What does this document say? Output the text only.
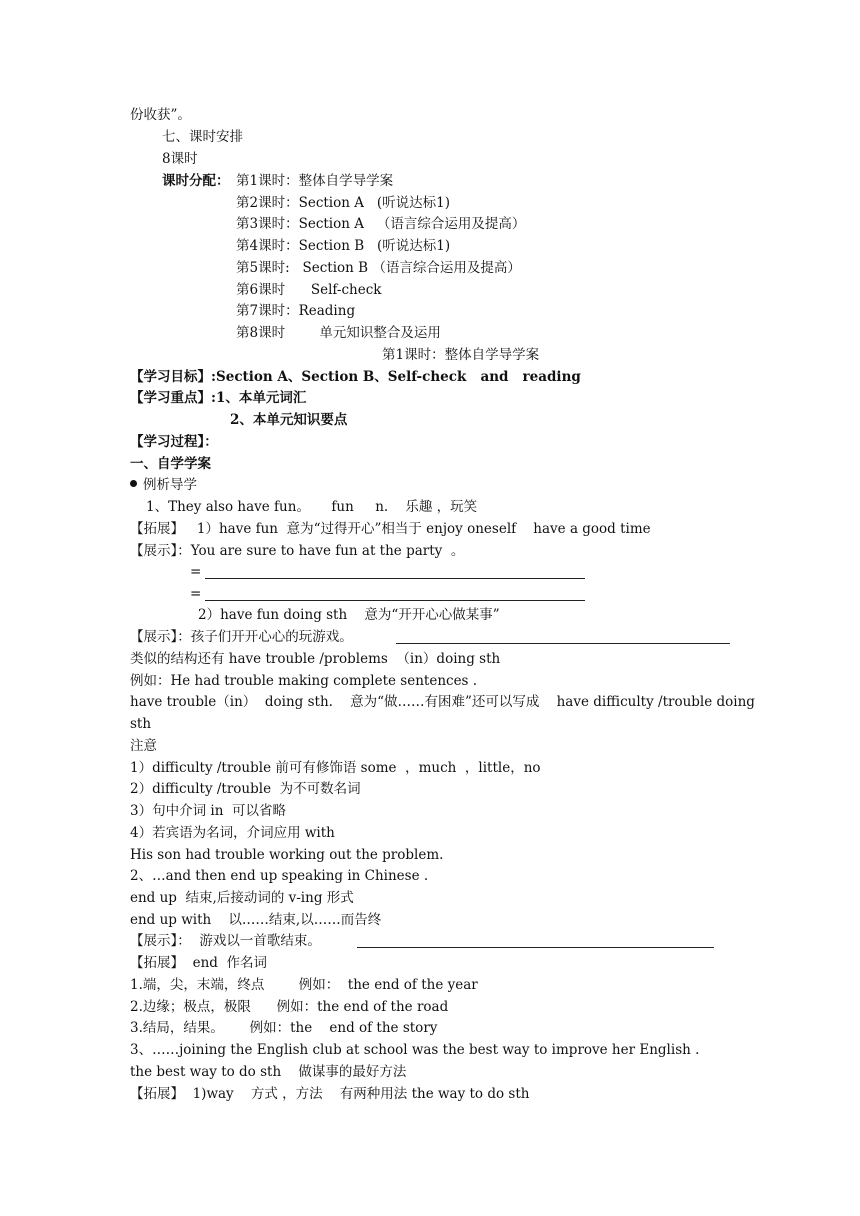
份收获”。
七、课时安排
8课时
课时分配： 第1课时：整体自学导学案
第2课时：Section A   (听说达标1)
第3课时：Section A   （语言综合运用及提高）
第4课时：Section B   (听说达标1)
第5课时:   Section B （语言综合运用及提高）
第6课时      Self-check
第7课时：Reading
第8课时        单元知识整合及运用
第1课时：整体自学导学案
【学习目标】:Section A、Section B、Self-check   and   reading
【学习重点】:1、本单元词汇
2、本单元知识要点
【学习过程】：
一、自学学案
例析导学
1、They also have fun。     fun     n.    乐趣 ，玩笑
【拓展】   1）have fun  意为“过得开心”相当于 enjoy oneself    have a good time
【展示】：You are sure to have fun at the party  。
=
=
2）have fun doing sth    意为“开开心心做某事”
【展示】：孩子们开开心心的玩游戏。
类似的结构还有 have trouble /problems  （in）doing sth
例如：He had trouble making complete sentences .
have trouble（in）  doing sth.    意为“做……有困难”还可以写成    have difficulty /trouble doing
sth
注意
1）difficulty /trouble 前可有修饰语 some  ，much  ，little，no
2）difficulty /trouble  为不可数名词
3）句中介词 in  可以省略
4）若宾语为名词，介词应用 with
His son had trouble working out the problem.
2、…and then end up speaking in Chinese .
end up  结束,后接动词的 v-ing 形式
end up with    以……结束,以……而告终
【展示】：  游戏以一首歌结束。
【拓展】  end  作名词
1.端，尖，末端，终点        例如：  the end of the year
2.边缘；极点，极限      例如：the end of the road
3.结局，结果。      例如：the    end of the story
3、……joining the English club at school was the best way to improve her English .
the best way to do sth    做谋事的最好方法
【拓展】  1)way    方式 ，方法    有两种用法 the way to do sth
